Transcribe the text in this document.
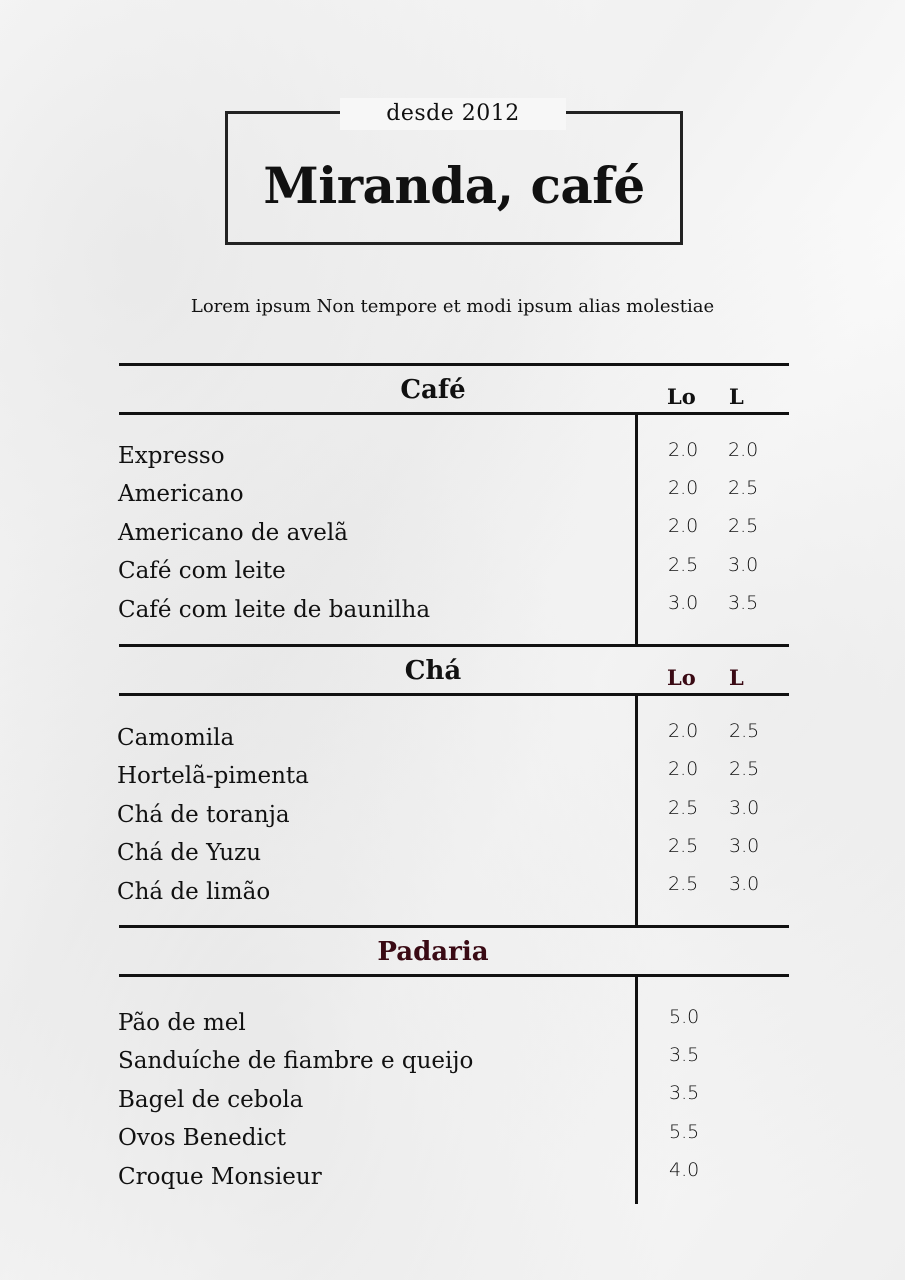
desde 2012
Miranda, café
Lorem ipsum Non tempore et modi ipsum alias molestiae
Café	Lo L
Expresso	2.0 2.0
Americano	2.0 2.5
Americano de avelã	2.0 2.5
Café com leite	2.5 3.0
Café com leite de baunilha	3.0 3.5
Chá	Lo L
Camomila	2.0 2.5
Hortelã-pimenta	2.0 2.5
Chá de toranja	2.5 3.0
Chá de Yuzu	2.5 3.0
Chá de limão	2.5 3.0
Padaria
Pão de mel	5.0
Sanduíche de fiambre e queijo	3.5
Bagel de cebola	3.5
Ovos Benedict	5.5
Croque Monsieur	4.0
